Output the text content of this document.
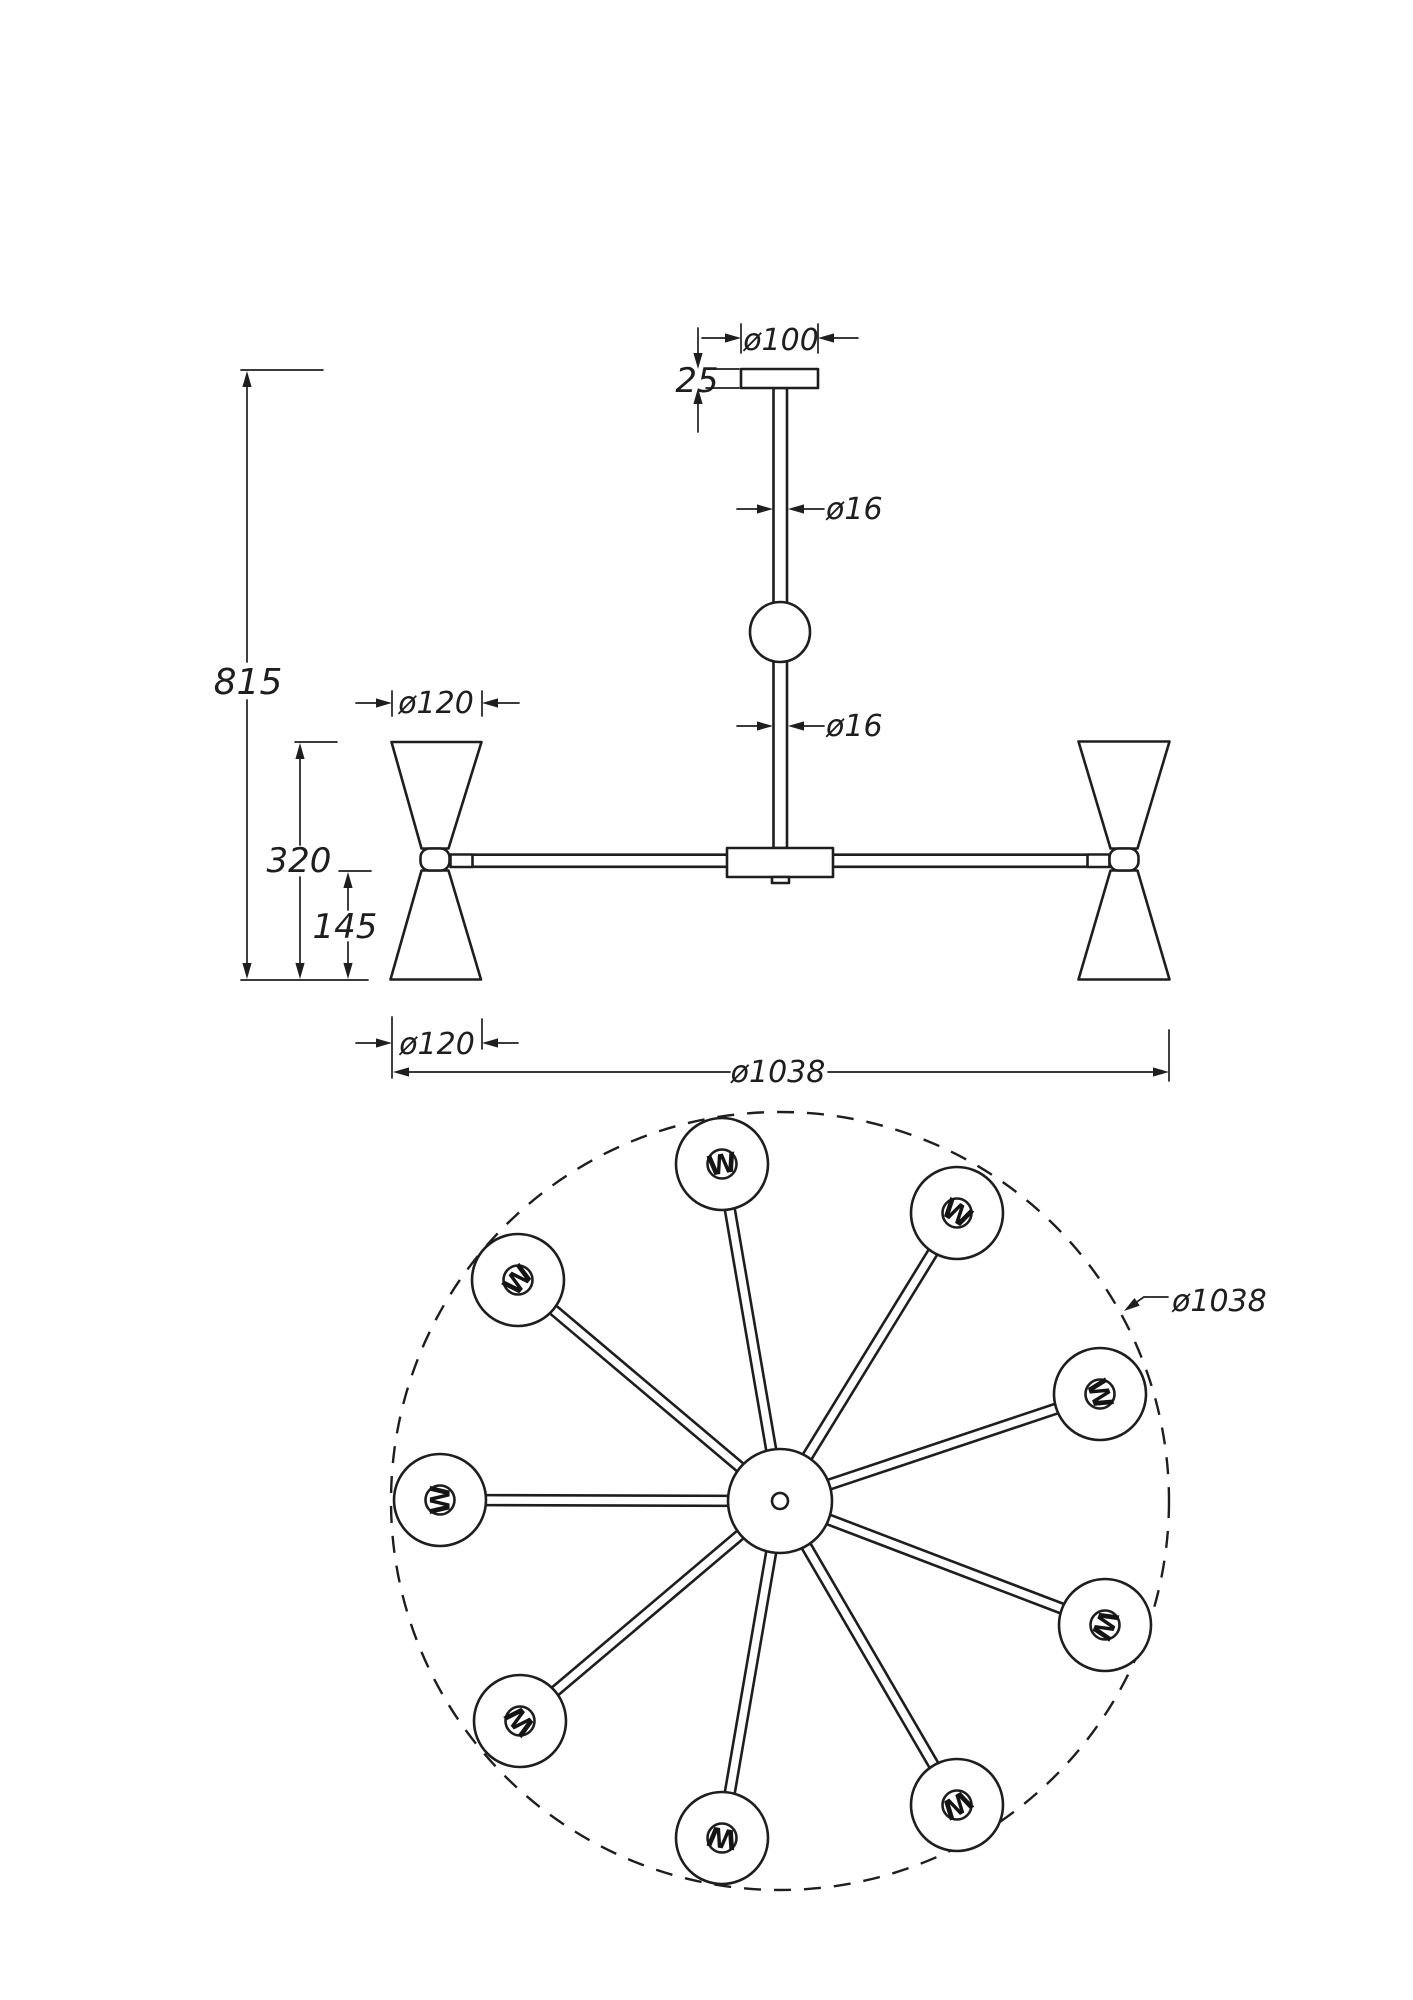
ø100
25
ø16
ø16
815
ø120
320
145
ø120
ø1038
W
W
W
W
W
W
W
W
W	ø1038
